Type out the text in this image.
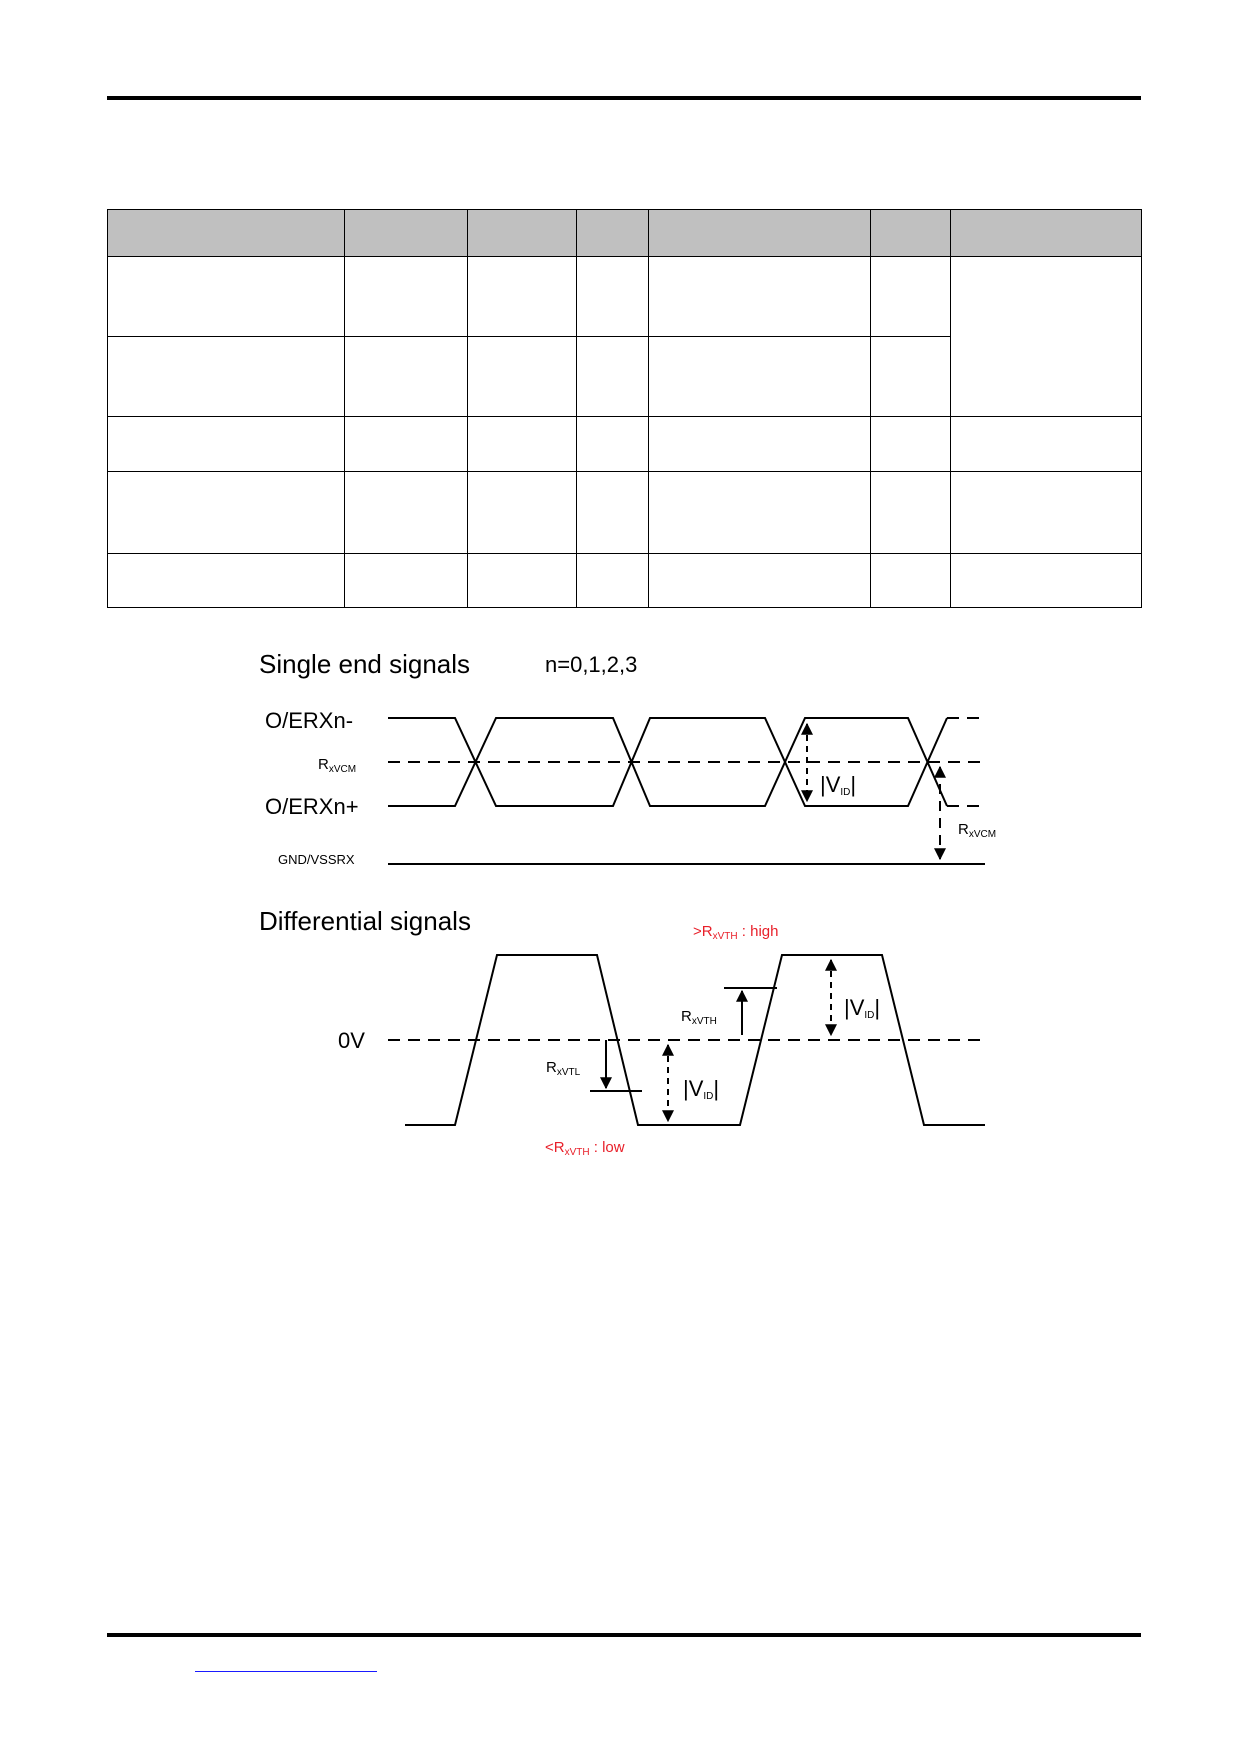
Single end signals	n=0,1,2,3
O/ERXn-
$R_{xVCM}$
O/ERXn+
GND/VSSRX
|VID|
$R_{xVCM}$
Differential signals	$>R_{xVTH}$ : high
0V
$R_{xVTL}$
|VID|
$R_{xVTH}$
|VID|
$<R_{xVTH}$ : low
